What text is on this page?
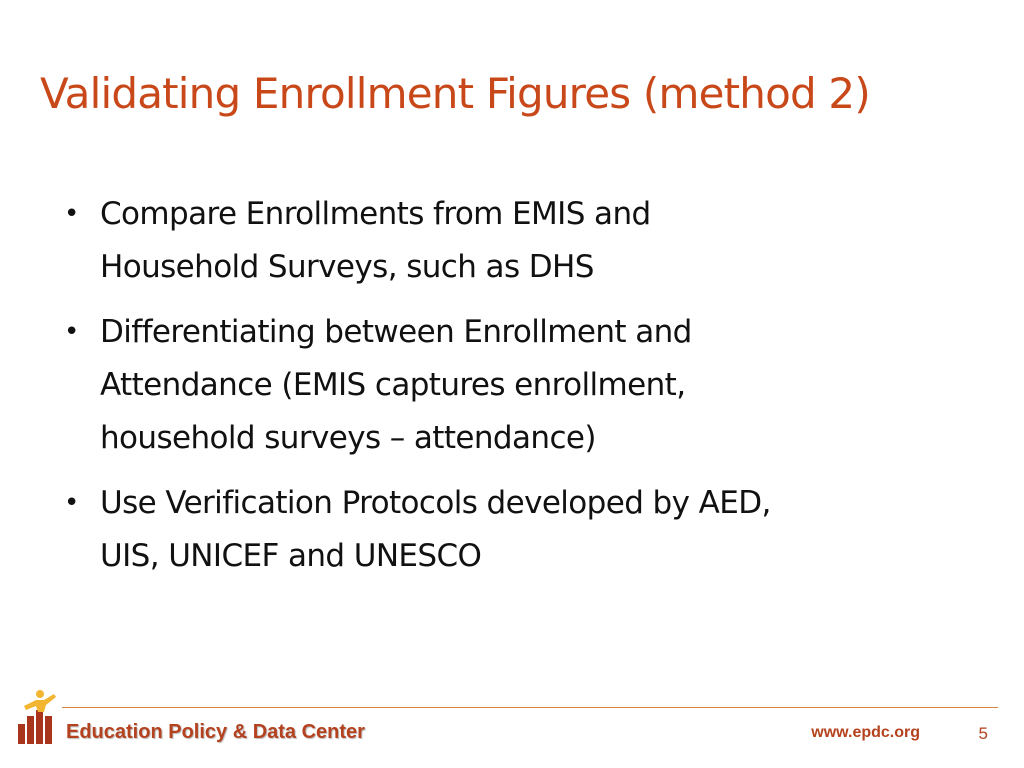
Validating Enrollment Figures (method 2)
• Compare Enrollments from EMIS and
Household Surveys, such as DHS
• Differentiating between Enrollment and
Attendance (EMIS captures enrollment,
household surveys – attendance)
• Use Verification Protocols developed by AED,
UIS, UNICEF and UNESCO
Education Policy & Data Center	www.epdc.org	5
